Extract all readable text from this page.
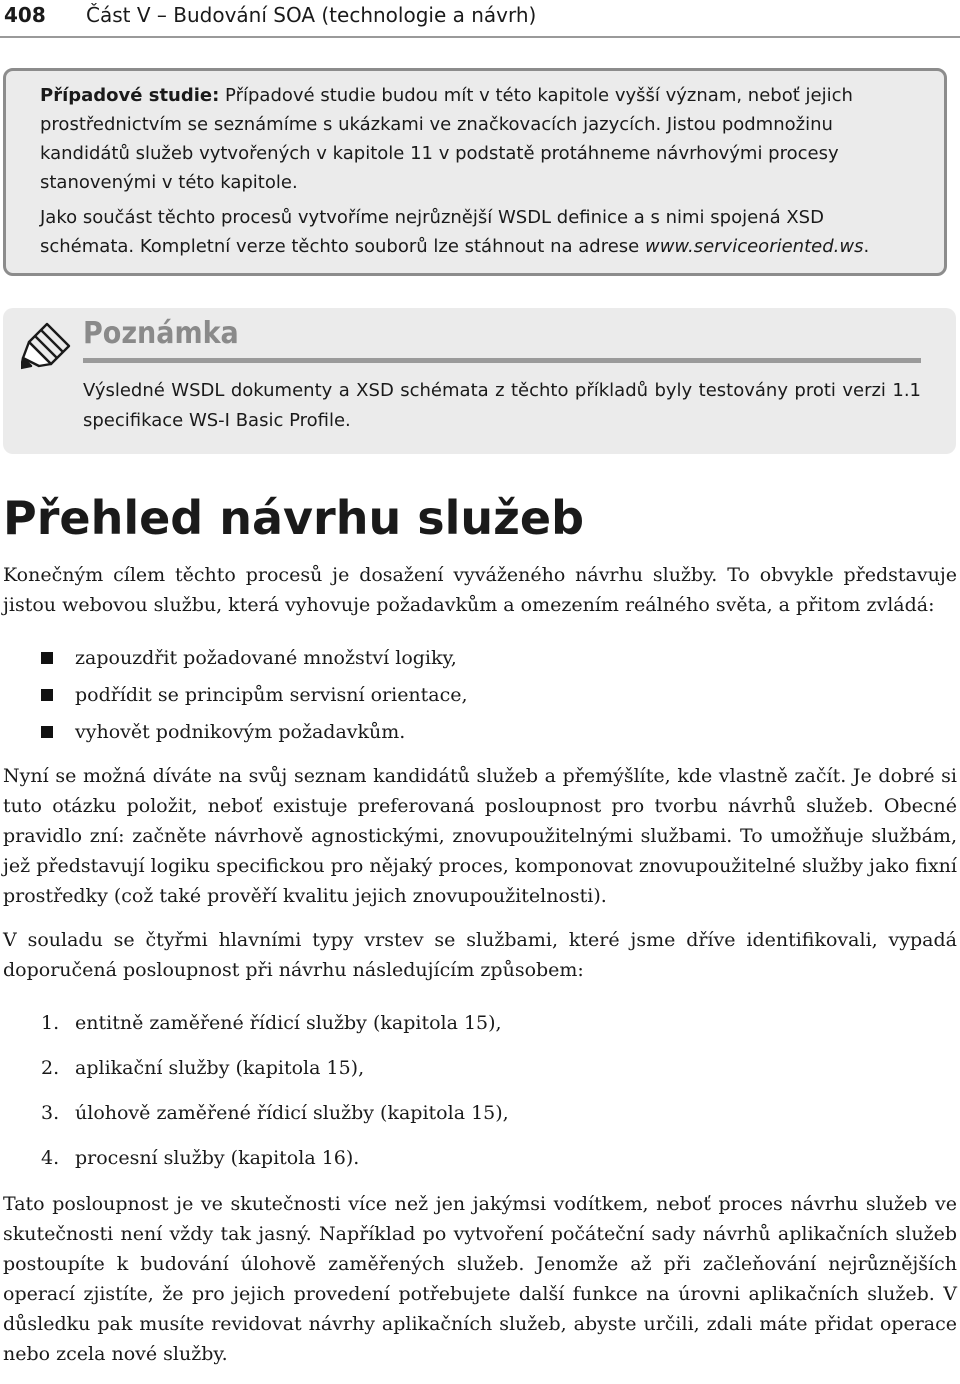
408 Část V – Budování SOA (technologie a návrh)

Případové studie: Případové studie budou mít v této kapitole vyšší význam, neboť jejich prostřednictvím se seznámíme s ukázkami ve značkovacích jazycích. Jistou podmnožinu kandidátů služeb vytvořených v kapitole 11 v podstatě protáhneme návrhovými procesy stanovenými v této kapitole.

Jako součást těchto procesů vytvoříme nejrůznější WSDL definice a s nimi spojená XSD schémata. Kompletní verze těchto souborů lze stáhnout na adrese www.serviceoriented.ws.

Poznámka
Výsledné WSDL dokumenty a XSD schémata z těchto příkladů byly testovány proti verzi 1.1 specifikace WS-I Basic Profile.
Přehled návrhu služeb

Konečným cílem těchto procesů je dosažení vyváženého návrhu služby. To obvykle představuje jistou webovou službu, která vyhovuje požadavkům a omezením reálného světa, a přitom zvládá:

zapouzdřit požadované množství logiky,
podřídit se principům servisní orientace,
vyhovět podnikovým požadavkům.

Nyní se možná díváte na svůj seznam kandidátů služeb a přemýšlíte, kde vlastně začít. Je dobré si tuto otázku položit, neboť existuje preferovaná posloupnost pro tvorbu návrhů služeb. Obecné pravidlo zní: začněte návrhově agnostickými, znovupoužitelnými službami. To umožňuje službám, jež představují logiku specifickou pro nějaký proces, komponovat znovupoužitelné služby jako fixní prostředky (což také prověří kvalitu jejich znovupoužitelnosti).

V souladu se čtyřmi hlavními typy vrstev se službami, které jsme dříve identifikovali, vypadá doporučená posloupnost při návrhu následujícím způsobem:

1. entitně zaměřené řídicí služby (kapitola 15),
2. aplikační služby (kapitola 15),
3. úlohově zaměřené řídicí služby (kapitola 15),
4. procesní služby (kapitola 16).

Tato posloupnost je ve skutečnosti více než jen jakýmsi vodítkem, neboť proces návrhu služeb ve skutečnosti není vždy tak jasný. Například po vytvoření počáteční sady návrhů aplikačních služeb postoupíte k budování úlohově zaměřených služeb. Jenomže až při začleňování nejrůznějších operací zjistíte, že pro jejich provedení potřebujete další funkce na úrovni aplikačních služeb. V důsledku pak musíte revidovat návrhy aplikačních služeb, abyste určili, zdali máte přidat operace nebo zcela nové služby.
